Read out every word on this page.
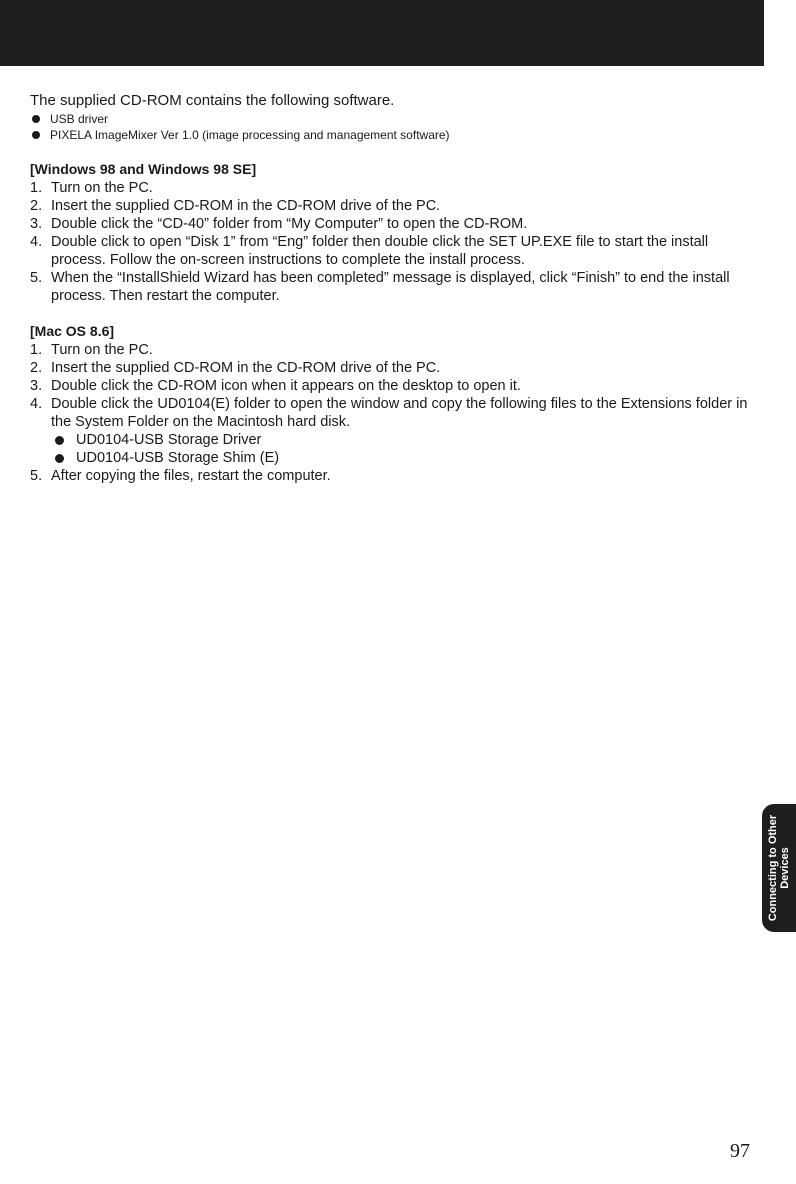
The supplied CD-ROM contains the following software.

USB driver
PIXELA ImageMixer Ver 1.0 (image processing and management software)
[Windows 98 and Windows 98 SE]
1. Turn on the PC.
2. Insert the supplied CD-ROM in the CD-ROM drive of the PC.
3. Double click the “CD-40” folder from “My Computer” to open the CD-ROM.
4. Double click to open “Disk 1” from “Eng” folder then double click the SET UP.EXE file to start the install process. Follow the on-screen instructions to complete the install process.
5. When the “InstallShield Wizard has been completed” message is displayed, click “Finish” to end the install process. Then restart the computer.
[Mac OS 8.6]
1. Turn on the PC.
2. Insert the supplied CD-ROM in the CD-ROM drive of the PC.
3. Double click the CD-ROM icon when it appears on the desktop to open it.
4. Double click the UD0104(E) folder to open the window and copy the following files to the Extensions folder in the System Folder on the Macintosh hard disk.
UD0104-USB Storage Driver
UD0104-USB Storage Shim (E)
5. After copying the files, restart the computer.
Connecting to Other
Devices
97
